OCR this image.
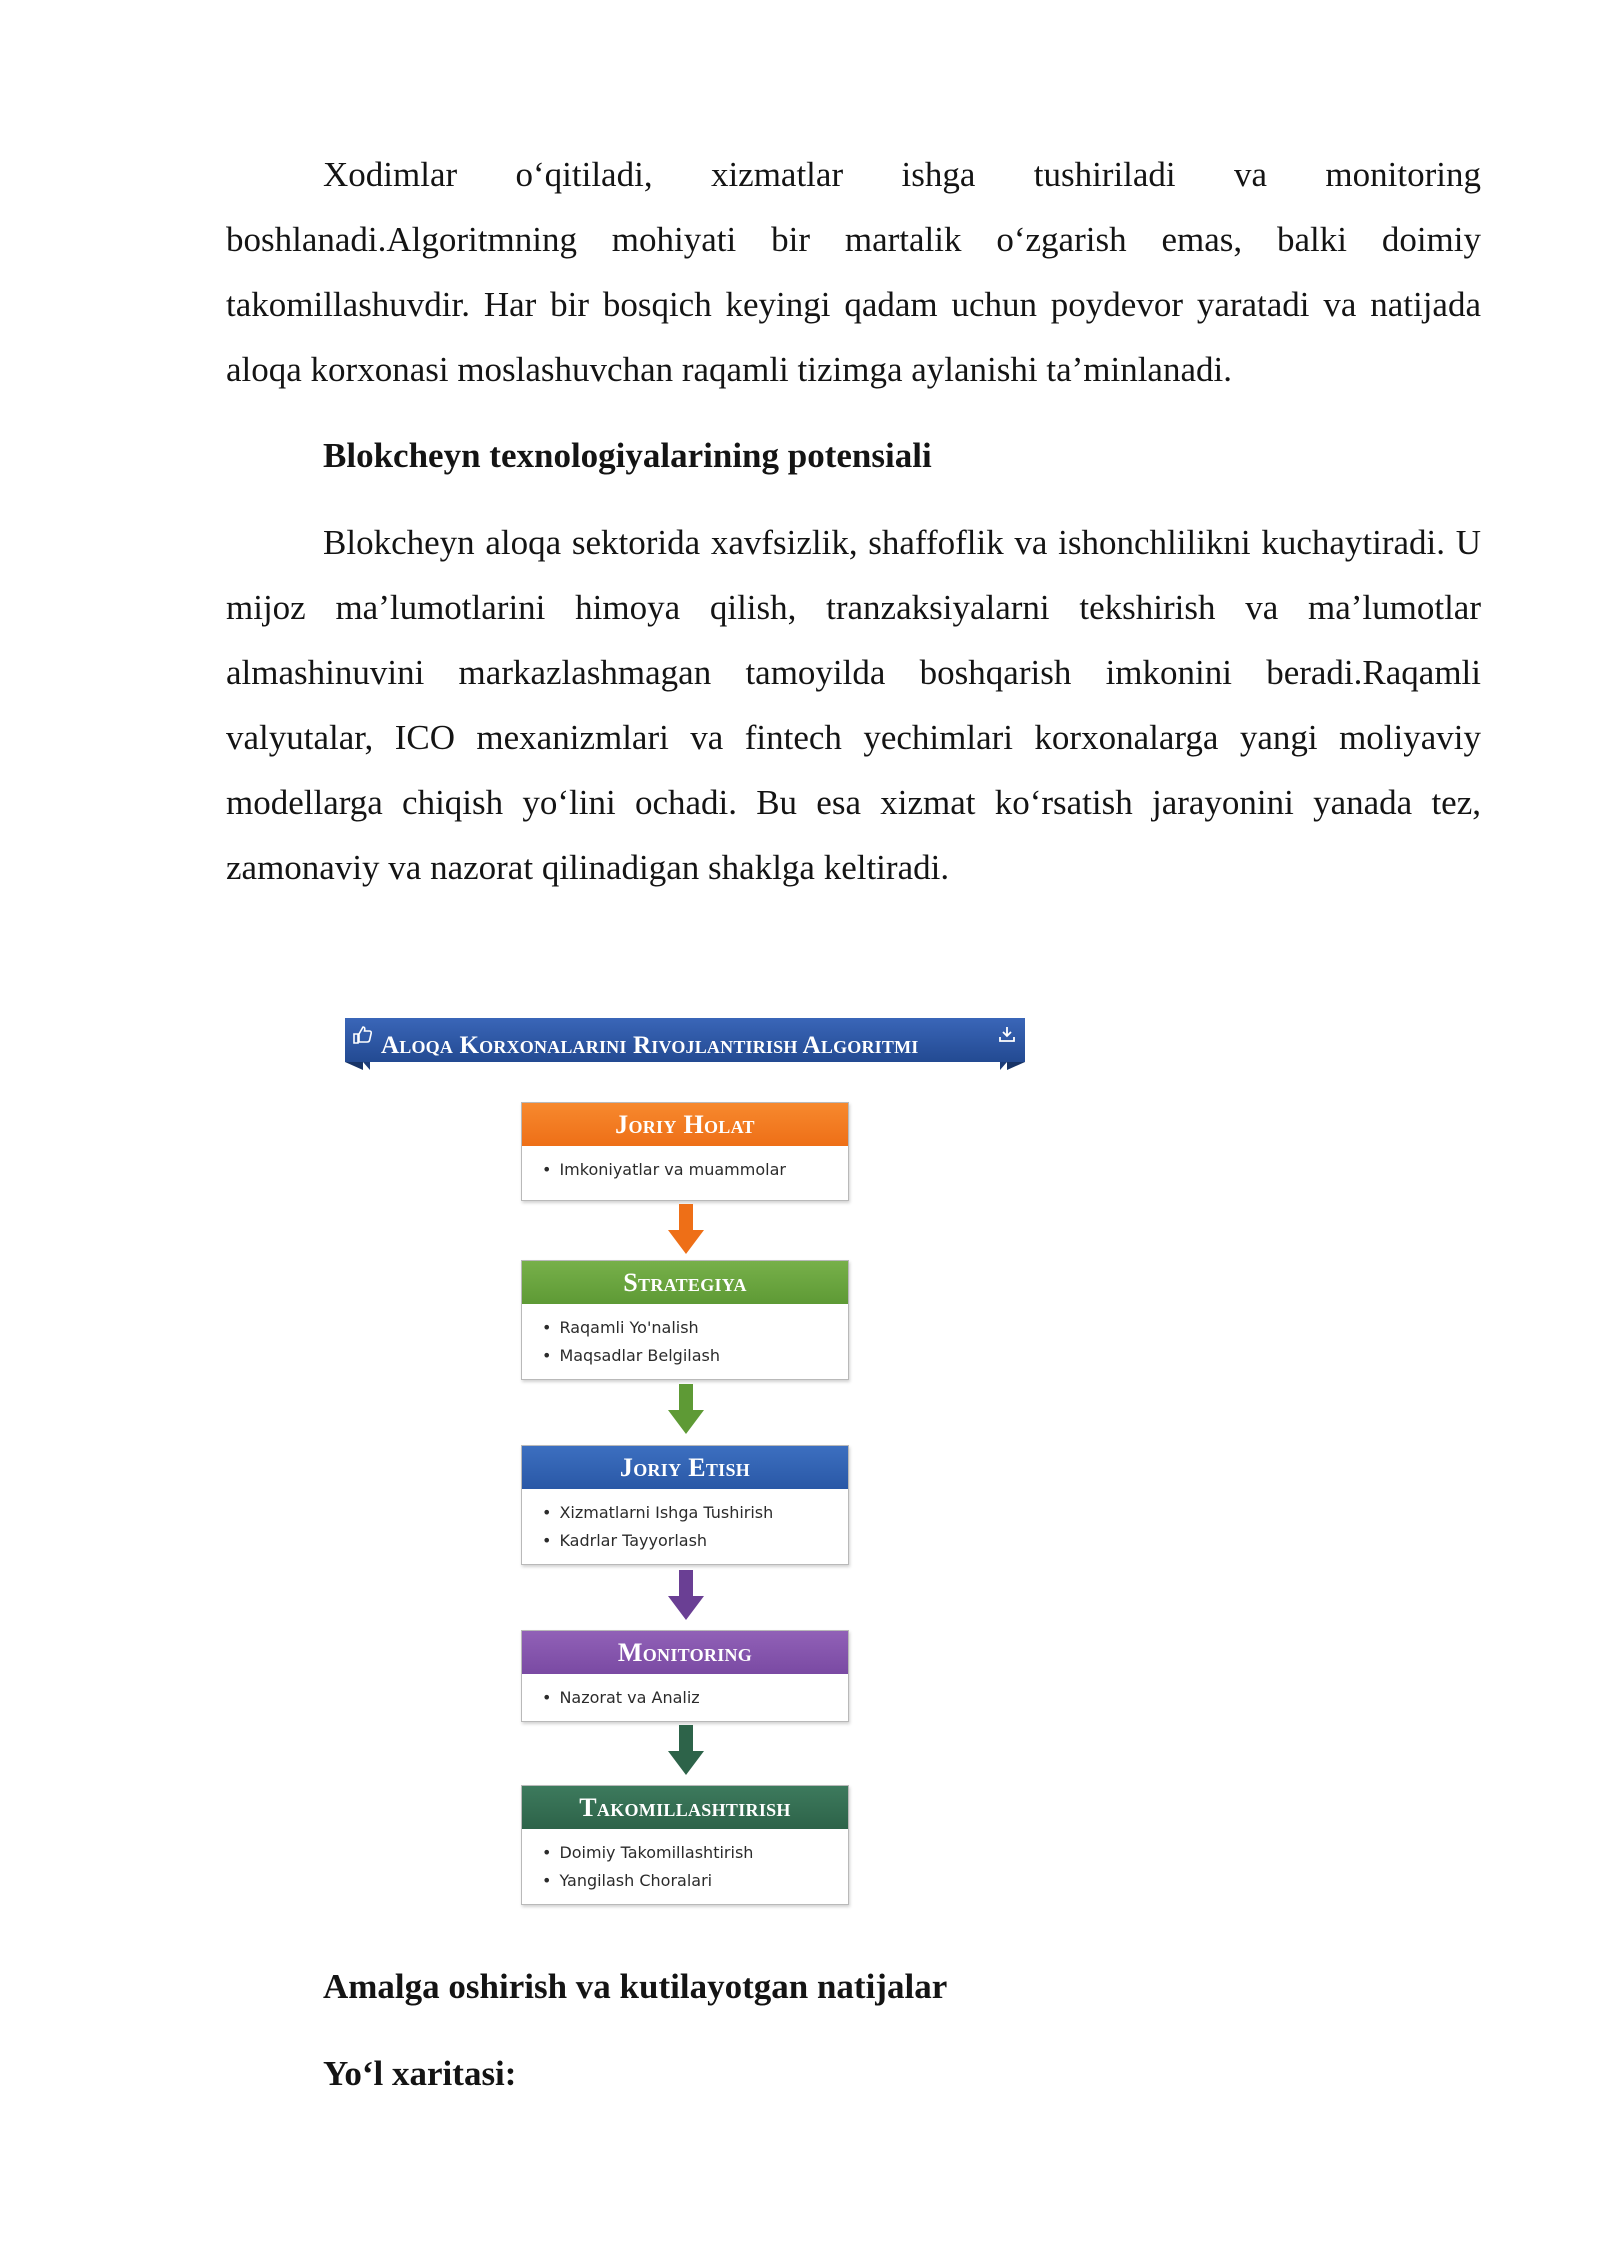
Xodimlar o‘qitiladi, xizmatlar ishga tushiriladi va monitoring boshlanadi.Algoritmning mohiyati bir martalik o‘zgarish emas, balki doimiy takomillashuvdir. Har bir bosqich keyingi qadam uchun poydevor yaratadi va natijada aloqa korxonasi moslashuvchan raqamli tizimga aylanishi ta’minlanadi.

Blokcheyn texnologiyalarining potensiali

Blokcheyn aloqa sektorida xavfsizlik, shaffoflik va ishonchlilikni kuchaytiradi. U mijoz ma’lumotlarini himoya qilish, tranzaksiyalarni tekshirish va ma’lumotlar almashinuvini markazlashmagan tamoyilda boshqarish imkonini beradi.Raqamli valyutalar, ICO mexanizmlari va fintech yechimlari korxonalarga yangi moliyaviy modellarga chiqish yo‘lini ochadi. Bu esa xizmat ko‘rsatish jarayonini yanada tez, zamonaviy va nazorat qilinadigan shaklga keltiradi.

Aloqa Korxonalarini Rivojlantirish Algoritmi
Joriy Holat
• Imkoniyatlar va muammolar
Strategiya
• Raqamli Yo'nalish
• Maqsadlar Belgilash
Joriy Etish
• Xizmatlarni Ishga Tushirish
• Kadrlar Tayyorlash
Monitoring
• Nazorat va Analiz
Takomillashtirish
• Doimiy Takomillashtirish
• Yangilash Choralari
Amalga oshirish va kutilayotgan natijalar
Yo‘l xaritasi:
